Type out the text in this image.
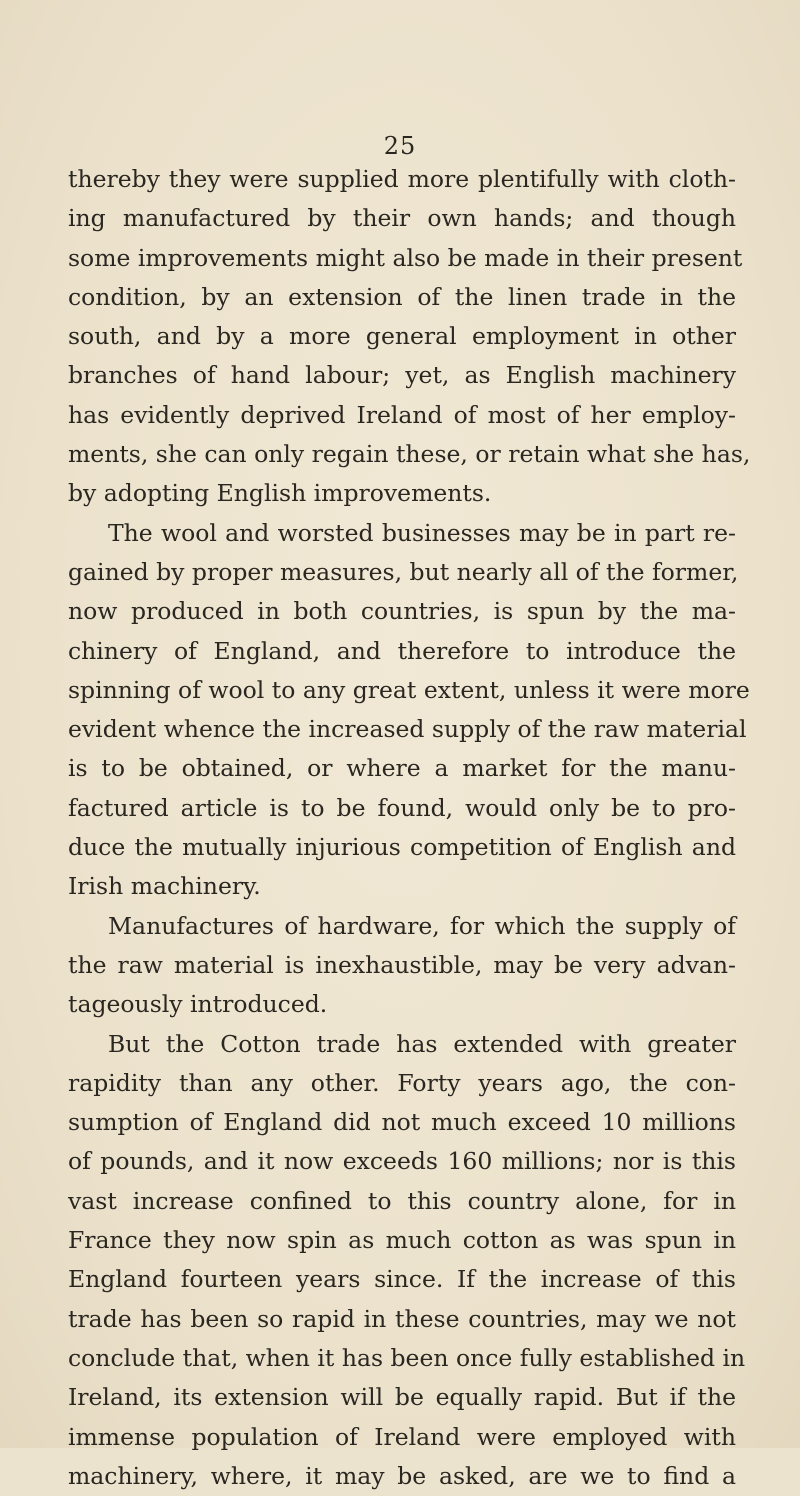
25
thereby they were supplied more plentifully with cloth-
ing manufactured by their own hands; and though
some improvements might also be made in their present
condition, by an extension of the linen trade in the
south, and by a more general employment in other
branches of hand labour; yet, as English machinery
has evidently deprived Ireland of most of her employ-
ments, she can only regain these, or retain what she has,
by adopting English improvements.
The wool and worsted businesses may be in part re-
gained by proper measures, but nearly all of the former,
now produced in both countries, is spun by the ma-
chinery of England, and therefore to introduce the
spinning of wool to any great extent, unless it were more
evident whence the increased supply of the raw material
is to be obtained, or where a market for the manu-
factured article is to be found, would only be to pro-
duce the mutually injurious competition of English and
Irish machinery.
Manufactures of hardware, for which the supply of
the raw material is inexhaustible, may be very advan-
tageously introduced.
But the Cotton trade has extended with greater
rapidity than any other. Forty years ago, the con-
sumption of England did not much exceed 10 millions
of pounds, and it now exceeds 160 millions; nor is this
vast increase confined to this country alone, for in
France they now spin as much cotton as was spun in
England fourteen years since. If the increase of this
trade has been so rapid in these countries, may we not
conclude that, when it has been once fully established in
Ireland, its extension will be equally rapid. But if the
immense population of Ireland were employed with
machinery, where, it may be asked, are we to find a
